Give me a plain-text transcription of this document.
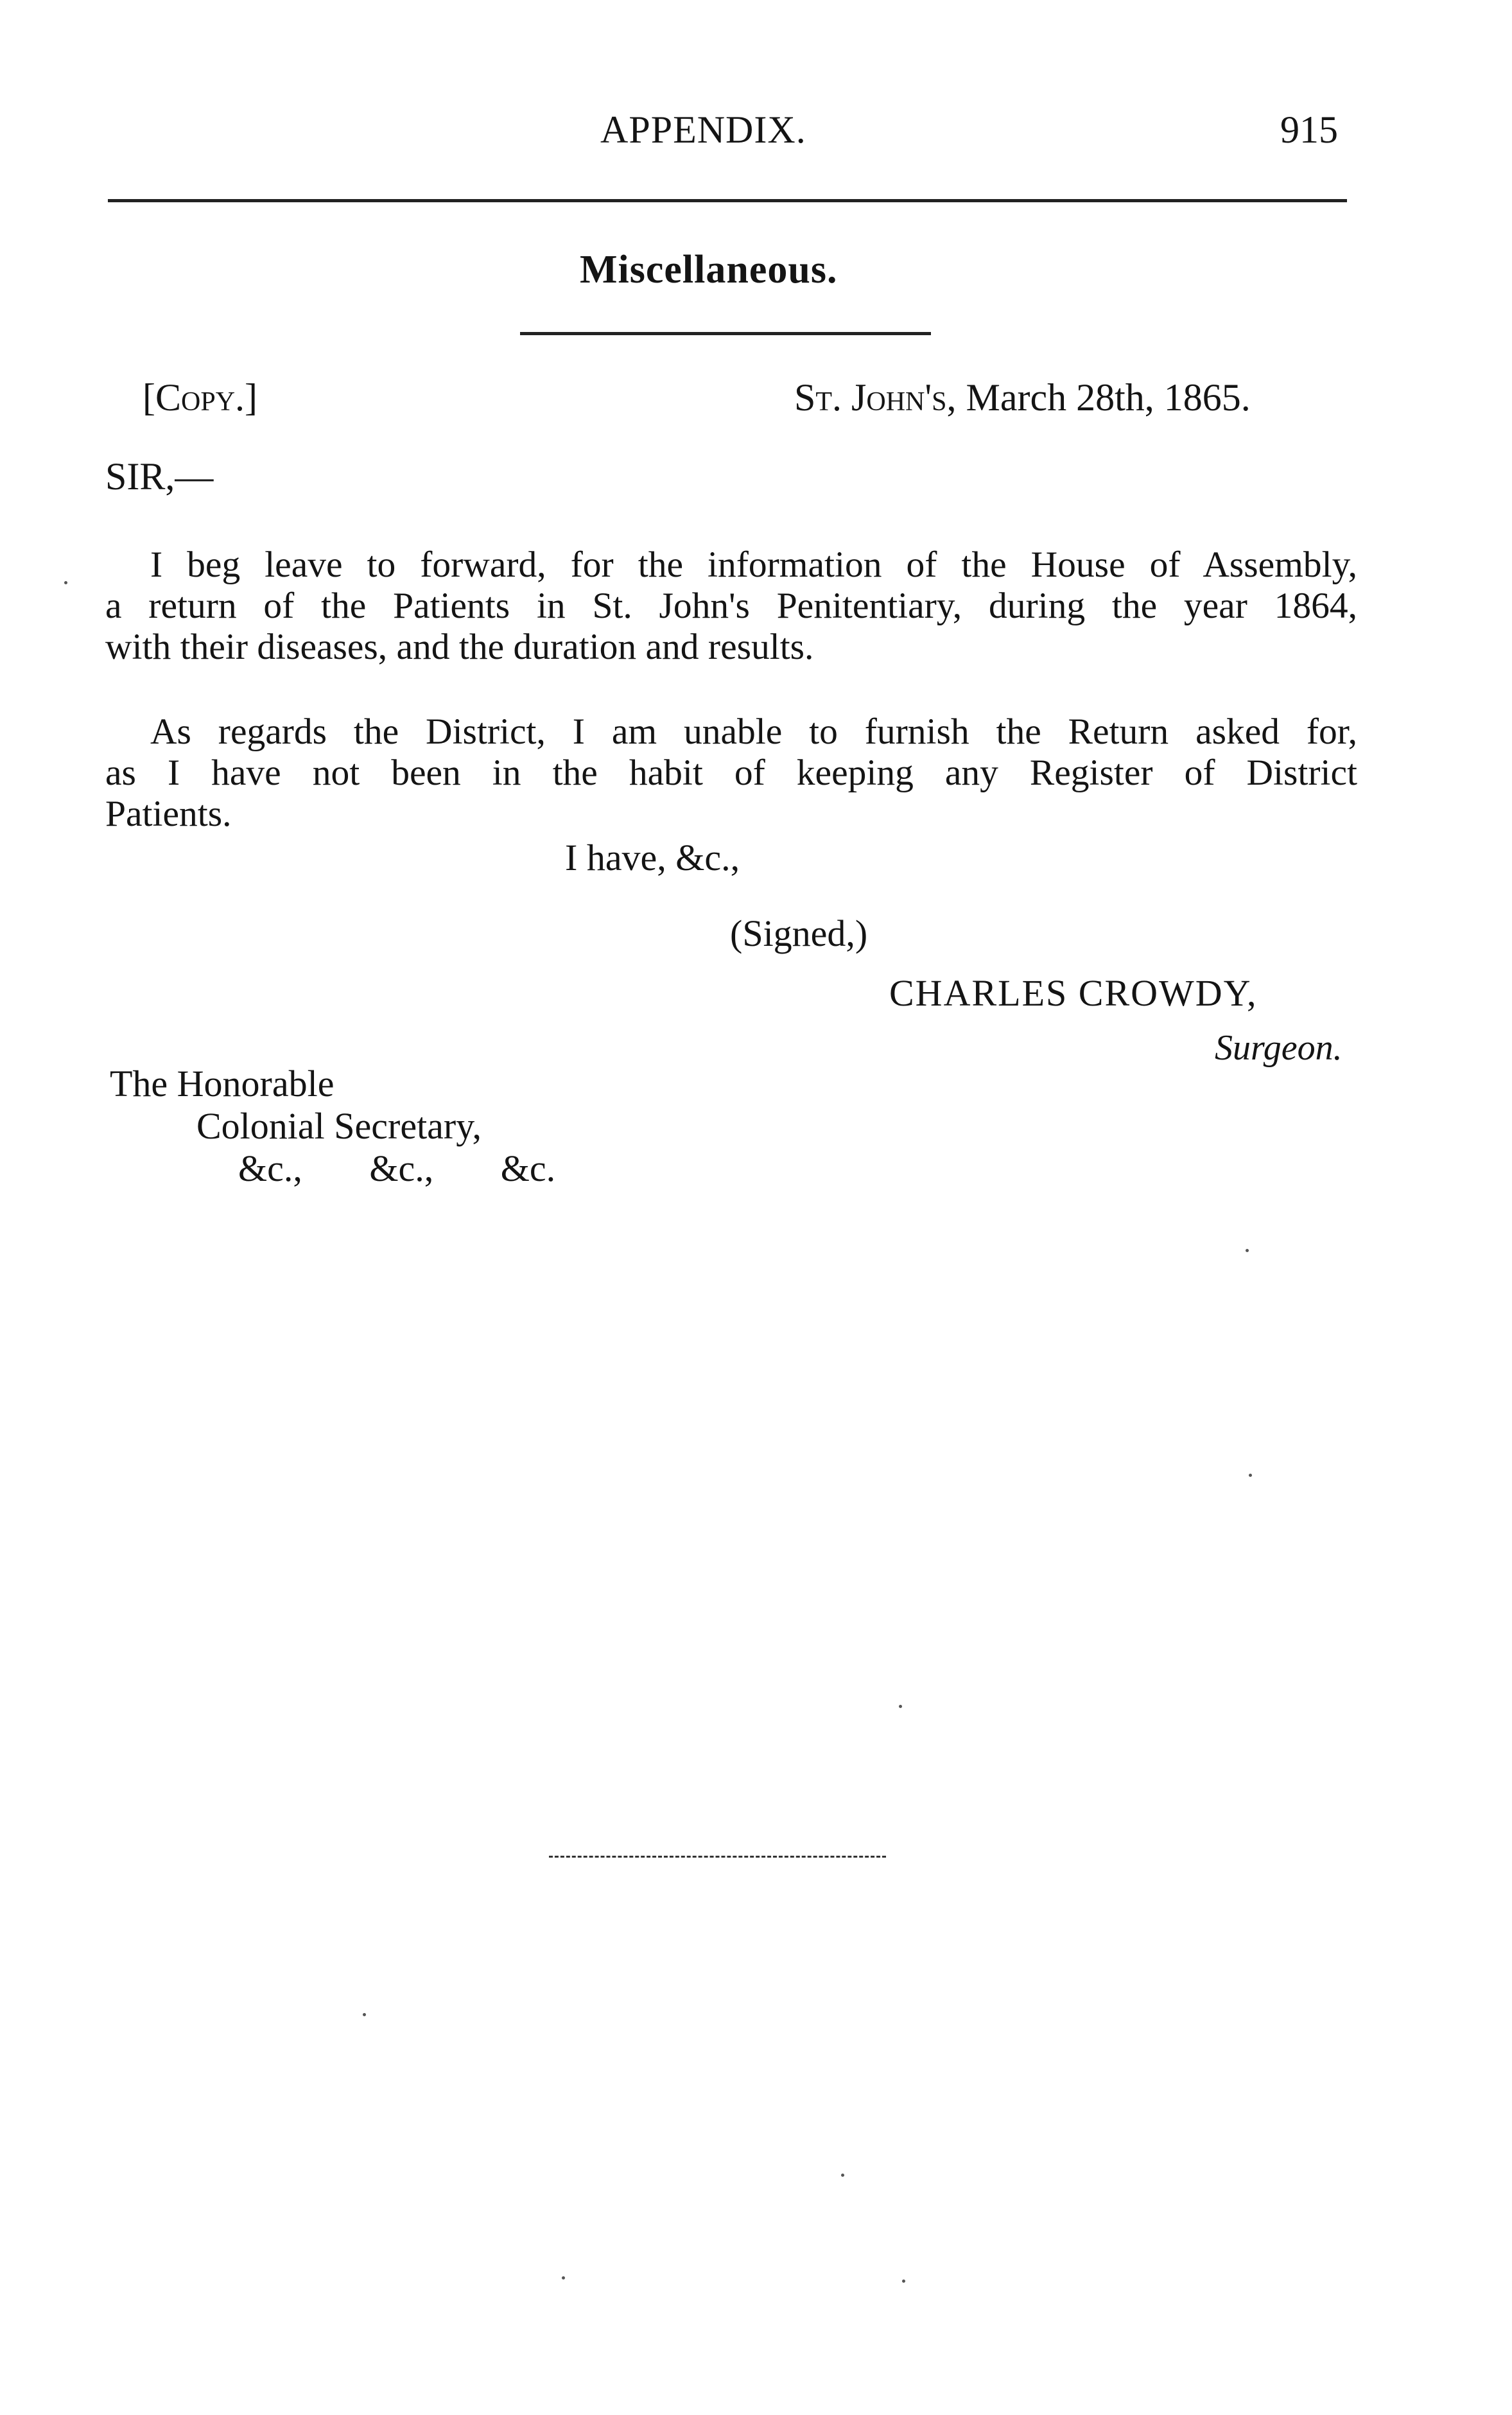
APPENDIX.	915
Miscellaneous.
[Copy.]	St. John's, March 28th, 1865.
SIR,—
I beg leave to forward, for the information of the House of Assembly,
a return of the Patients in St. John's Penitentiary, during the year 1864,
with their diseases, and the duration and results.
As regards the District, I am unable to furnish the Return asked for,
as I have not been in the habit of keeping any Register of District
Patients.
I have, &c.,
(Signed,)
CHARLES CROWDY,
Surgeon.
The Honorable
Colonial Secretary,
&c., &c., &c.
